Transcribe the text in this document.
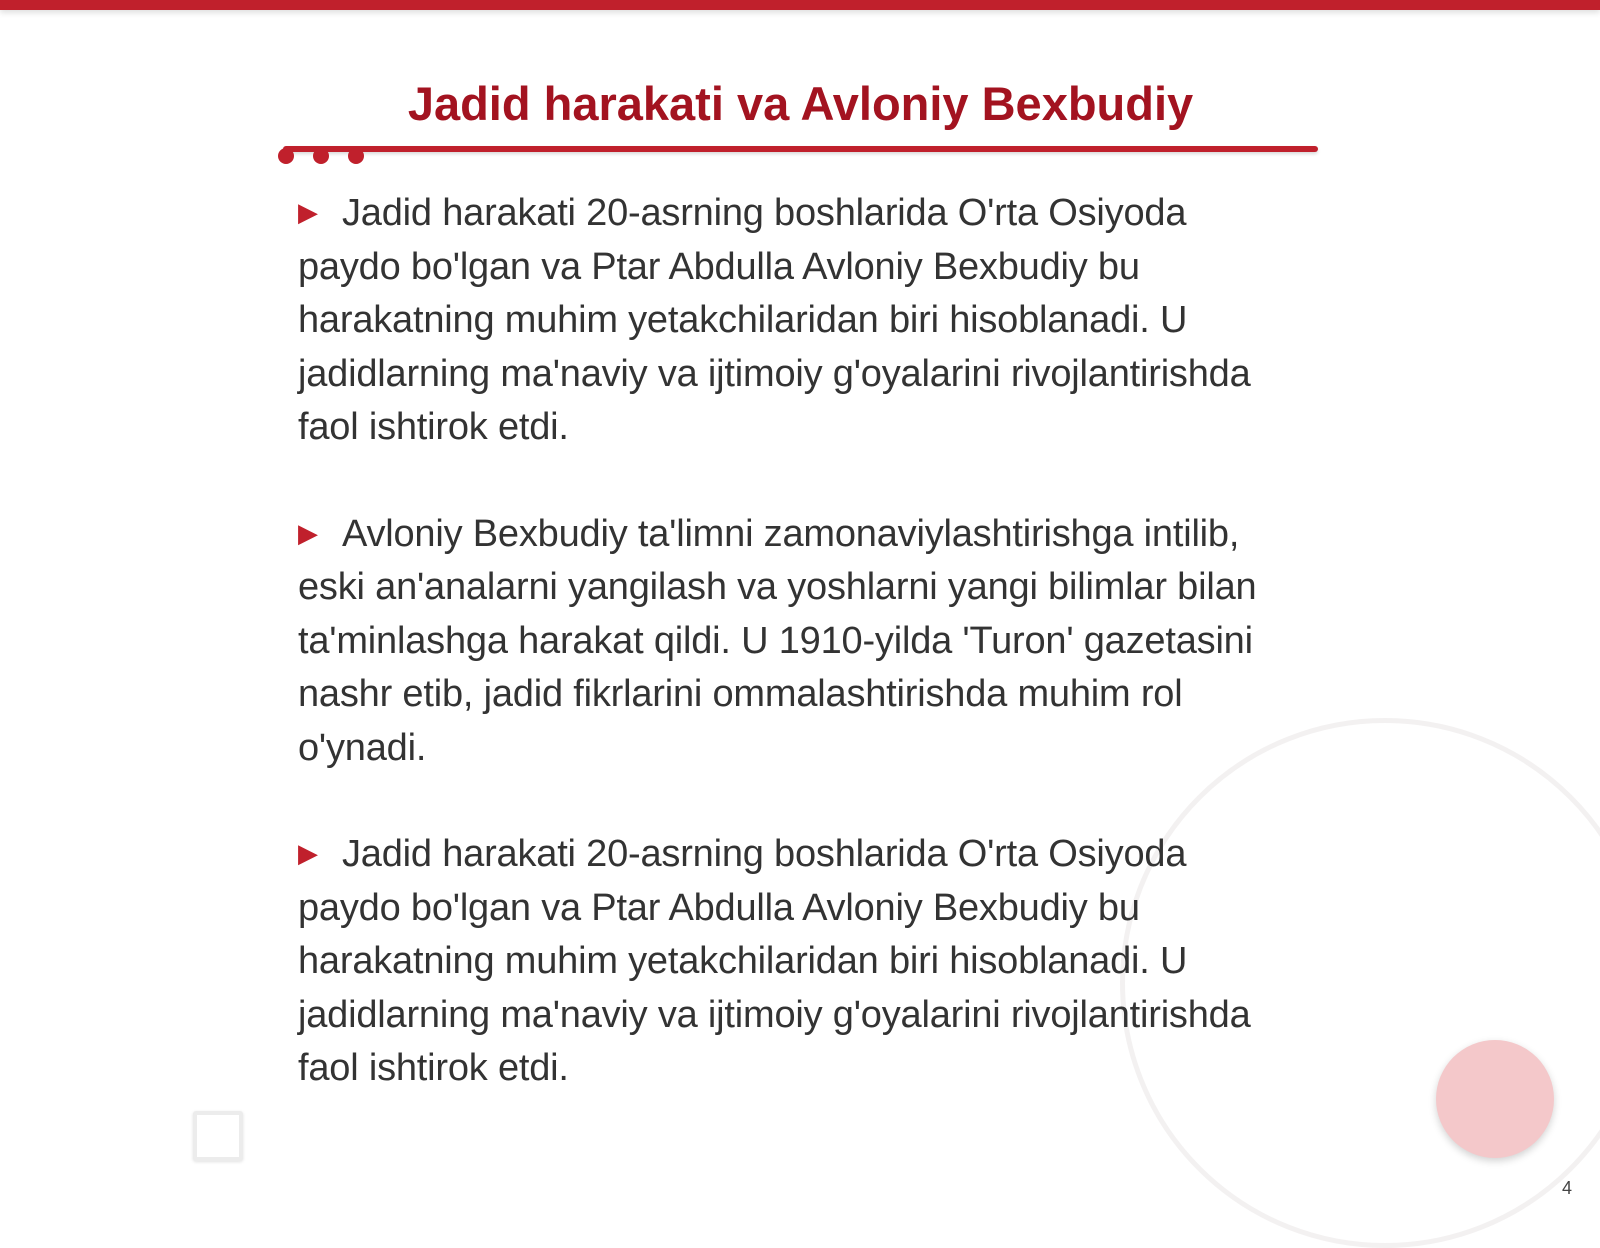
Jadid harakati va Avloniy Bexbudiy

▶ Jadid harakati 20-asrning boshlarida O'rta Osiyoda paydo bo'lgan va Ptar Abdulla Avloniy Bexbudiy bu harakatning muhim yetakchilaridan biri hisoblanadi. U jadidlarning ma'naviy va ijtimoiy g'oyalarini rivojlantirishda faol ishtirok etdi.

▶ Avloniy Bexbudiy ta'limni zamonaviylashtirishga intilib, eski an'analarni yangilash va yoshlarni yangi bilimlar bilan ta'minlashga harakat qildi. U 1910-yilda 'Turon' gazetasini nashr etib, jadid fikrlarini ommalashtirishda muhim rol o'ynadi.

▶ Jadid harakati 20-asrning boshlarida O'rta Osiyoda paydo bo'lgan va Ptar Abdulla Avloniy Bexbudiy bu harakatning muhim yetakchilaridan biri hisoblanadi. U jadidlarning ma'naviy va ijtimoiy g'oyalarini rivojlantirishda faol ishtirok etdi.

4
